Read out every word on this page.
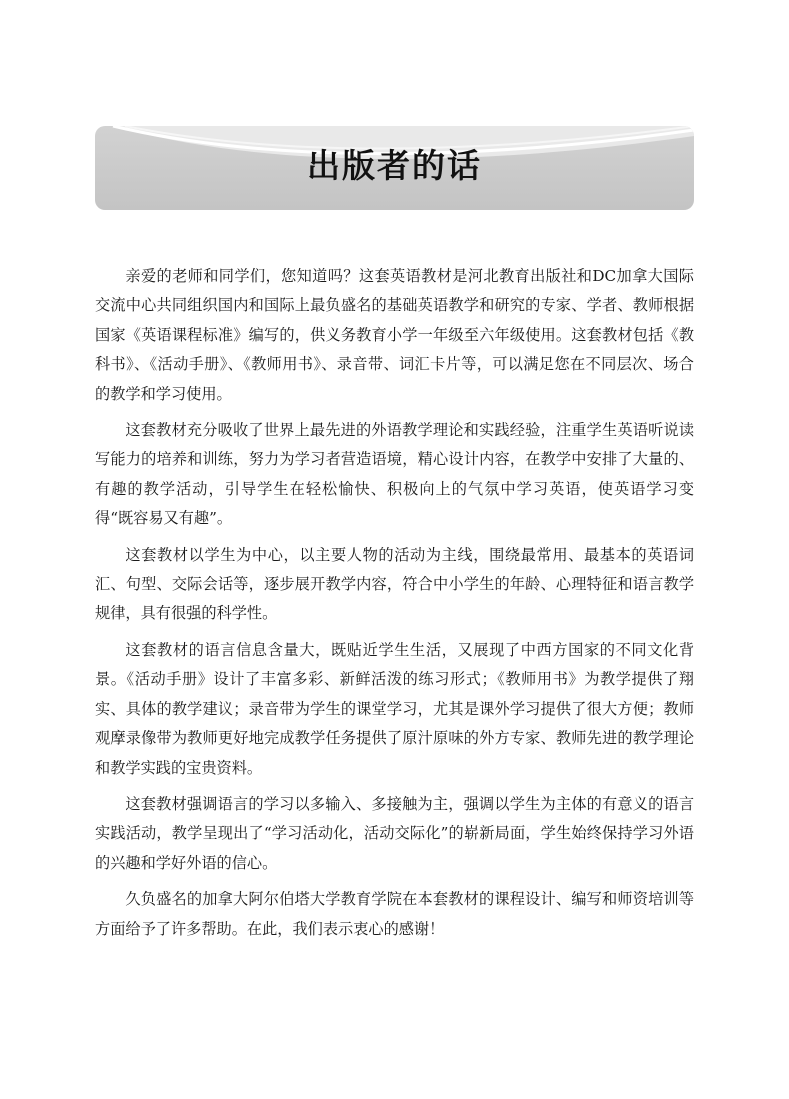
出版者的话

亲爱的老师和同学们，您知道吗？这套英语教材是河北教育出版社和DC加拿大国际交流中心共同组织国内和国际上最负盛名的基础英语教学和研究的专家、学者、教师根据国家《英语课程标准》编写的，供义务教育小学一年级至六年级使用。这套教材包括《教科书》、《活动手册》、《教师用书》、录音带、词汇卡片等，可以满足您在不同层次、场合的教学和学习使用。

这套教材充分吸收了世界上最先进的外语教学理论和实践经验，注重学生英语听说读写能力的培养和训练，努力为学习者营造语境，精心设计内容，在教学中安排了大量的、有趣的教学活动，引导学生在轻松愉快、积极向上的气氛中学习英语，使英语学习变得“既容易又有趣”。

这套教材以学生为中心，以主要人物的活动为主线，围绕最常用、最基本的英语词汇、句型、交际会话等，逐步展开教学内容，符合中小学生的年龄、心理特征和语言教学规律，具有很强的科学性。

这套教材的语言信息含量大，既贴近学生生活，又展现了中西方国家的不同文化背景。《活动手册》设计了丰富多彩、新鲜活泼的练习形式；《教师用书》为教学提供了翔实、具体的教学建议；录音带为学生的课堂学习，尤其是课外学习提供了很大方便；教师观摩录像带为教师更好地完成教学任务提供了原汁原味的外方专家、教师先进的教学理论和教学实践的宝贵资料。

这套教材强调语言的学习以多输入、多接触为主，强调以学生为主体的有意义的语言实践活动，教学呈现出了“学习活动化，活动交际化”的崭新局面，学生始终保持学习外语的兴趣和学好外语的信心。

久负盛名的加拿大阿尔伯塔大学教育学院在本套教材的课程设计、编写和师资培训等方面给予了许多帮助。在此，我们表示衷心的感谢！
